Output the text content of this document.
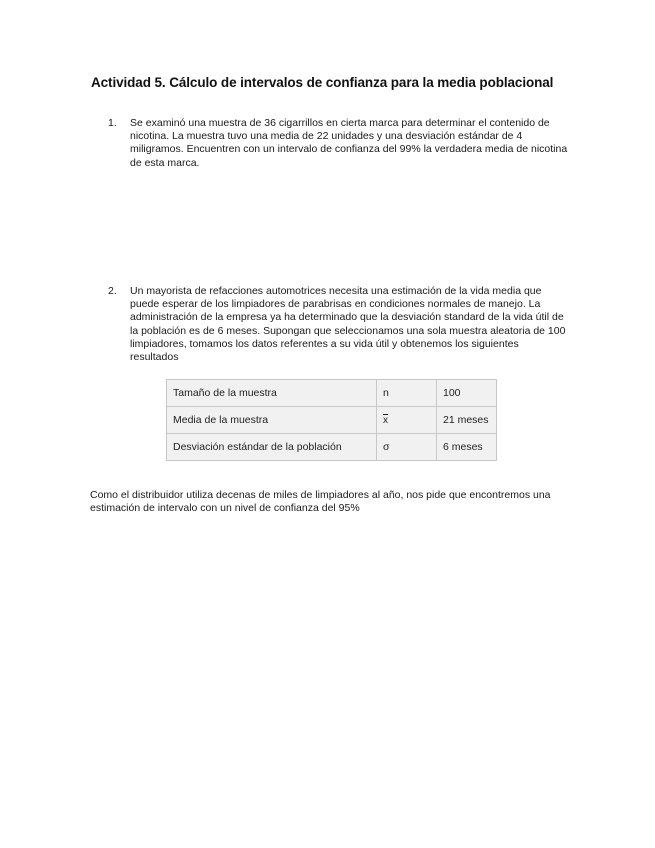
Actividad 5. Cálculo de intervalos de confianza para la media poblacional
1.	Se examinó una muestra de 36 cigarrillos en cierta marca para determinar el contenido de nicotina. La muestra tuvo una media de 22 unidades y una desviación estándar de 4 miligramos. Encuentren con un intervalo de confianza del 99% la verdadera media de nicotina de esta marca.
2.	Un mayorista de refacciones automotrices necesita una estimación de la vida media que puede esperar de los limpiadores de parabrisas en condiciones normales de manejo. La administración de la empresa ya ha determinado que la desviación standard de la vida útil de la población es de 6 meses. Supongan que seleccionamos una sola muestra aleatoria de 100 limpiadores, tomamos los datos referentes a su vida útil y obtenemos los siguientes resultados
Tamaño de la muestra	n	100
Media de la muestra	$\overline{x}$	21 meses
Desviación estándar de la población	σ	6 meses
Como el distribuidor utiliza decenas de miles de limpiadores al año, nos pide que encontremos una estimación de intervalo con un nivel de confianza del 95%
